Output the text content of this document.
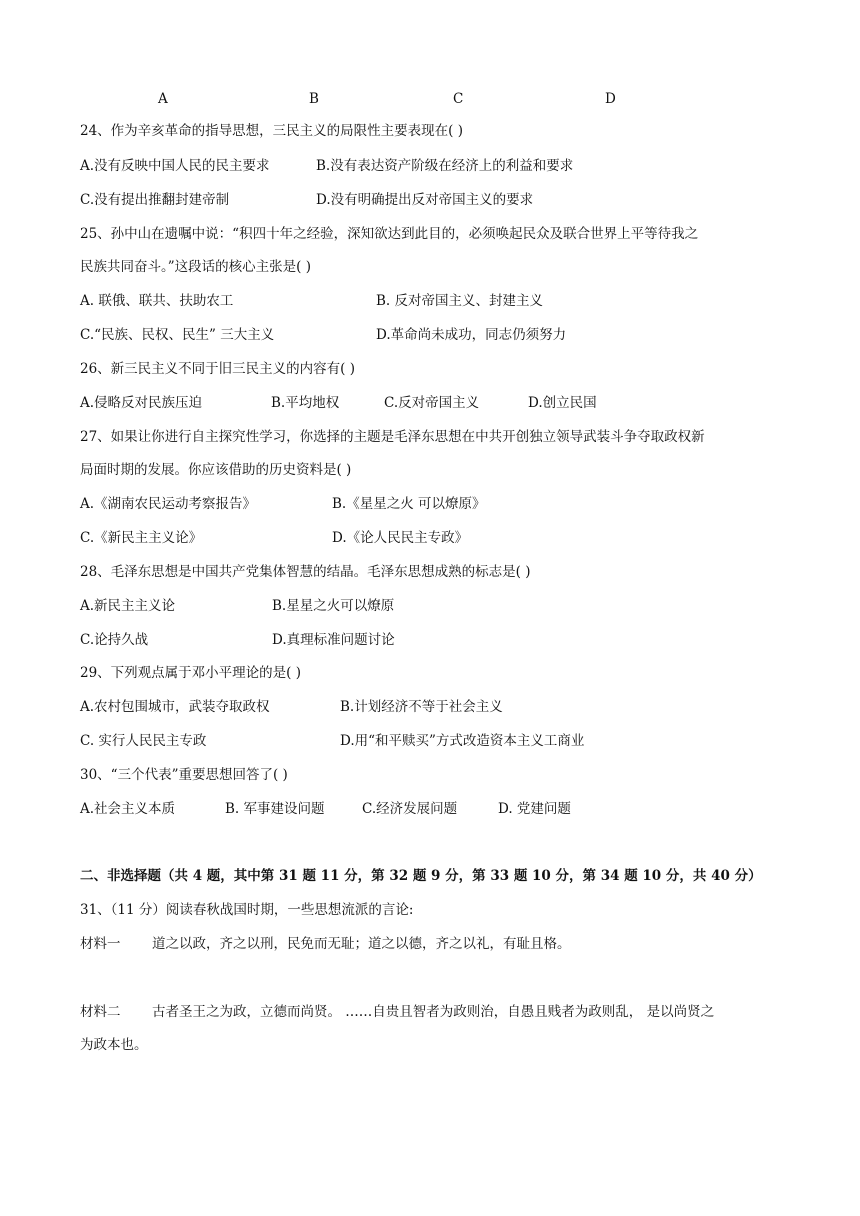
A	B	C	D
24、作为辛亥革命的指导思想，三民主义的局限性主要表现在( )
A.没有反映中国人民的民主要求	B.没有表达资产阶级在经济上的利益和要求
C.没有提出推翻封建帝制	D.没有明确提出反对帝国主义的要求
25、孙中山在遗嘱中说：“积四十年之经验，深知欲达到此目的，必须唤起民众及联合世界上平等待我之
民族共同奋斗。”这段话的核心主张是( )
A. 联俄、联共、扶助农工	B. 反对帝国主义、封建主义
C.“民族、民权、民生” 三大主义	D.革命尚未成功，同志仍须努力
26、新三民主义不同于旧三民主义的内容有( )
A.侵略反对民族压迫	B.平均地权	C.反对帝国主义	D.创立民国
27、如果让你进行自主探究性学习，你选择的主题是毛泽东思想在中共开创独立领导武装斗争夺取政权新
局面时期的发展。你应该借助的历史资料是( )
A.《湖南农民运动考察报告》	B.《星星之火 可以燎原》
C.《新民主主义论》	D.《论人民民主专政》
28、毛泽东思想是中国共产党集体智慧的结晶。毛泽东思想成熟的标志是( )
A.新民主主义论	B.星星之火可以燎原
C.论持久战	D.真理标准问题讨论
29、下列观点属于邓小平理论的是( )
A.农村包围城市，武装夺取政权	B.计划经济不等于社会主义
C. 实行人民民主专政	D.用“和平赎买”方式改造资本主义工商业
30、“三个代表”重要思想回答了( )
A.社会主义本质	B. 军事建设问题	C.经济发展问题	D. 党建问题
二、非选择题（共 4 题，其中第 31 题 11 分，第 32 题 9 分，第 33 题 10 分，第 34 题 10 分，共 40 分）
31、（11 分）阅读春秋战国时期，一些思想流派的言论:
材料一 道之以政，齐之以刑，民免而无耻；道之以德，齐之以礼，有耻且格。
材料二 古者圣王之为政，立德而尚贤。 ……自贵且智者为政则治，自愚且贱者为政则乱， 是以尚贤之
为政本也。
